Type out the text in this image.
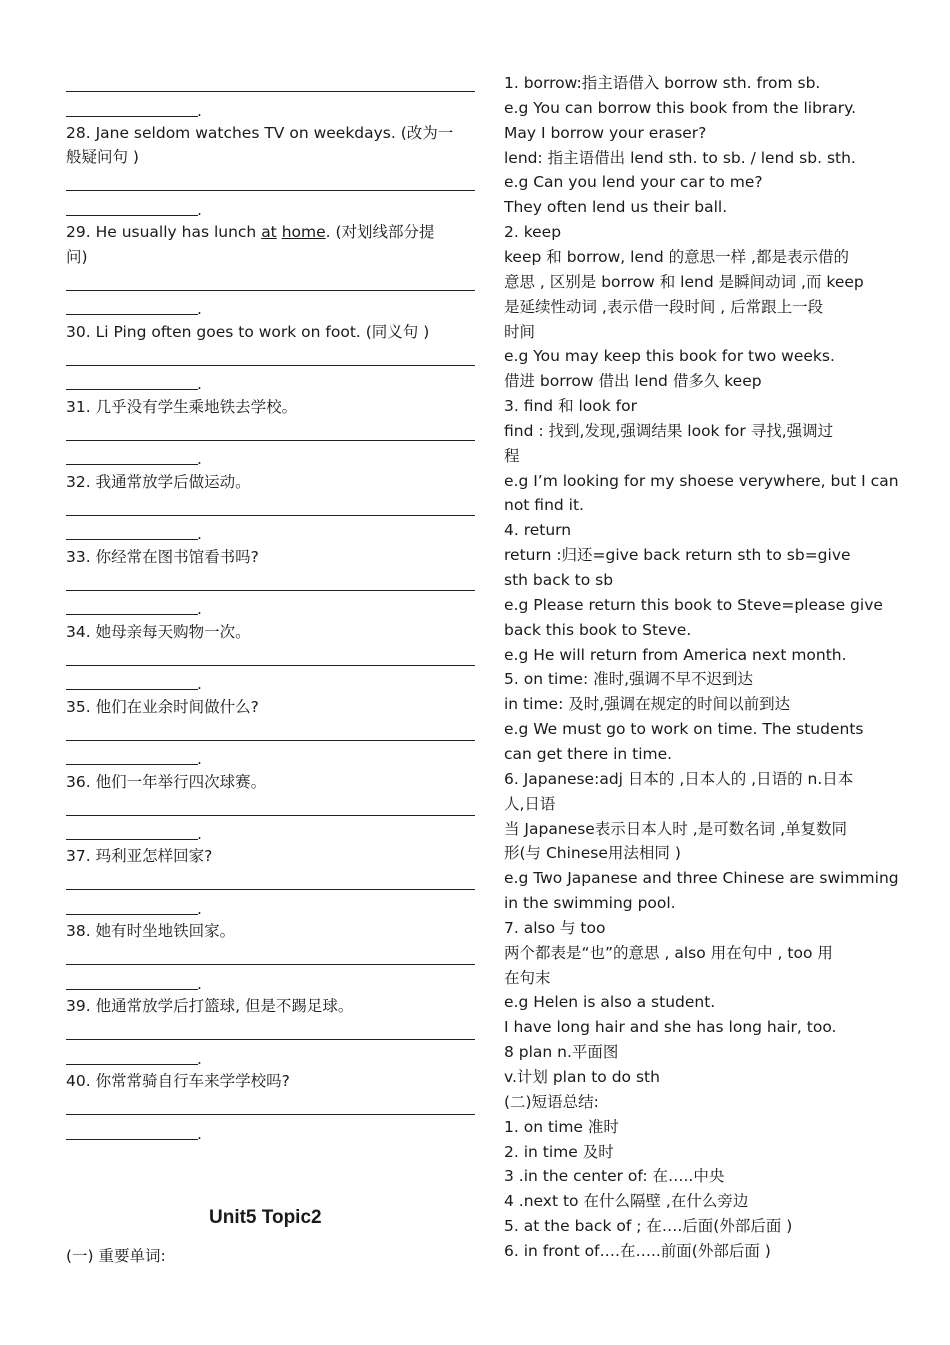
.
28. Jane seldom watches TV on weekdays. (改为一
般疑问句 )
.
29. He usually has lunch at home. (对划线部分提
问)
.
30. Li Ping often goes to work on foot. (同义句 )
.
31. 几乎没有学生乘地铁去学校。
.
32. 我通常放学后做运动。
.
33. 你经常在图书馆看书吗?
.
34. 她母亲每天购物一次。
.
35. 他们在业余时间做什么?
.
36. 他们一年举行四次球赛。
.
37. 玛利亚怎样回家?
.
38. 她有时坐地铁回家。
.
39. 他通常放学后打篮球, 但是不踢足球。
.
40. 你常常骑自行车来学学校吗?
.
Unit5 Topic2
(一) 重要单词:
1. borrow:指主语借入 borrow sth. from sb.
e.g You can borrow this book from the library.
May I borrow your eraser?
lend: 指主语借出 lend sth. to sb. / lend sb. sth.
e.g Can you lend your car to me?
They often lend us their ball.
2. keep
keep 和 borrow, lend 的意思一样 ,都是表示借的
意思 , 区别是 borrow 和 lend 是瞬间动词 ,而 keep
是延续性动词 ,表示借一段时间 , 后常跟上一段
时间
e.g You may keep this book for two weeks.
借进 borrow 借出 lend 借多久 keep
3. find 和 look for
find : 找到,发现,强调结果 look for 寻找,强调过
程
e.g I’m looking for my shoese verywhere, but I can
not find it.
4. return
return :归还=give back return sth to sb=give
sth back to sb
e.g Please return this book to Steve=please give
back this book to Steve.
e.g He will return from America next month.
5. on time: 准时,强调不早不迟到达
in time: 及时,强调在规定的时间以前到达
e.g We must go to work on time. The students
can get there in time.
6. Japanese:adj 日本的 ,日本人的 ,日语的 n.日本
人,日语
当 Japanese表示日本人时 ,是可数名词 ,单复数同
形(与 Chinese用法相同 )
e.g Two Japanese and three Chinese are swimming
in the swimming pool.
7. also 与 too
两个都表是“也”的意思 , also 用在句中 , too 用
在句末
e.g Helen is also a student.
I have long hair and she has long hair, too.
8 plan n.平面图
v.计划 plan to do sth
(二)短语总结:
1. on time 准时
2. in time 及时
3 .in the center of: 在…..中央
4 .next to 在什么隔壁 ,在什么旁边
5. at the back of ; 在….后面(外部后面 )
6. in front of….在…..前面(外部后面 )
